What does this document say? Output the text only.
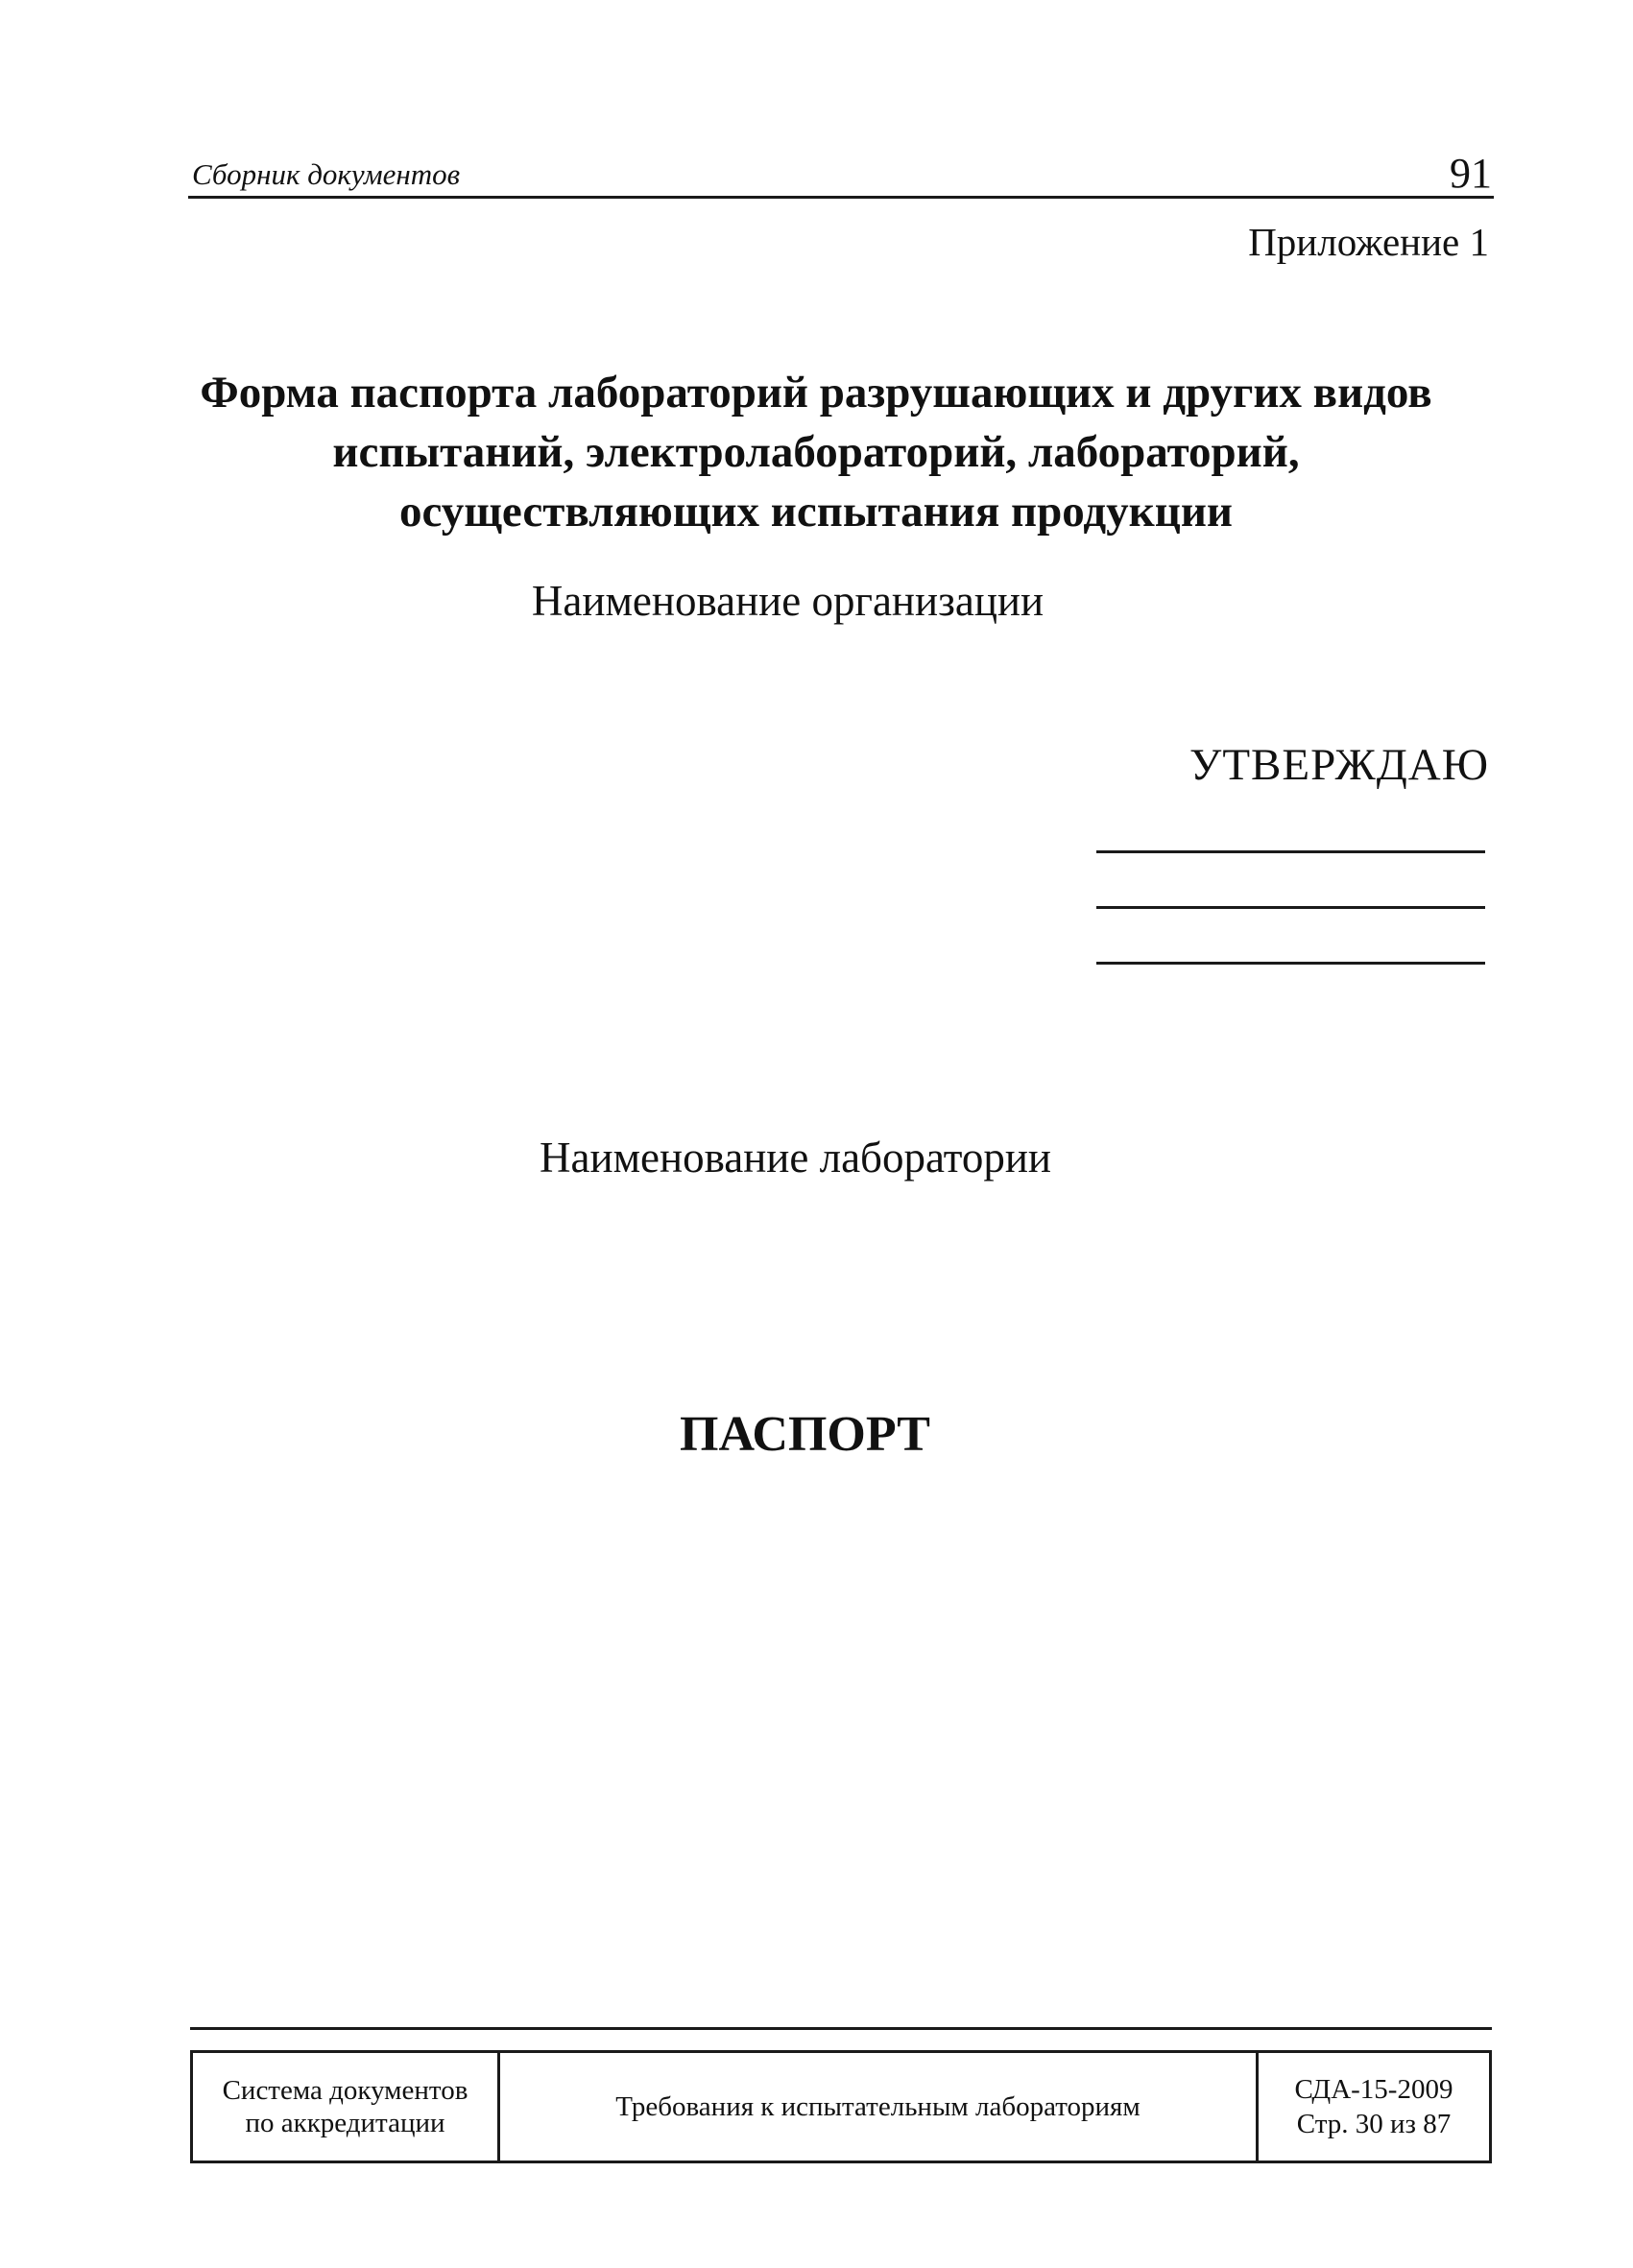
Сборник документов	91
Приложение 1
Форма паспорта лабораторий разрушающих и других видов
испытаний, электролабораторий, лабораторий,
осуществляющих испытания продукции
Наименование организации
УТВЕРЖДАЮ
Наименование лаборатории
ПАСПОРТ
Система документов
по аккредитации
Требования к испытательным лабораториям
СДА-15-2009
Стр. 30 из 87
